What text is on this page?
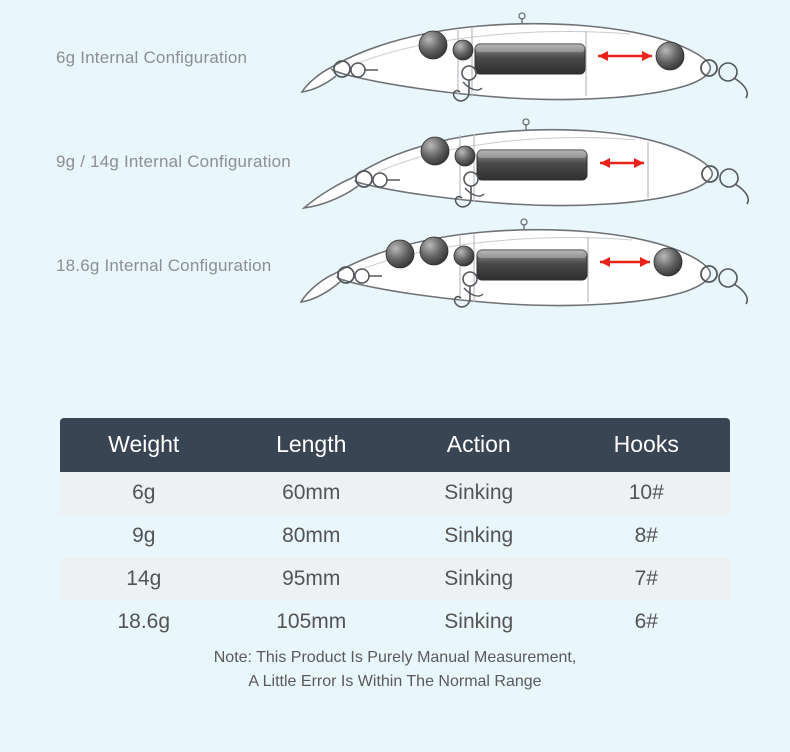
6g Internal Configuration
9g / 14g Internal Configuration
18.6g Internal Configuration
Weight	Length	Action	Hooks
6g	60mm	Sinking	10#
9g	80mm	Sinking	8#
14g	95mm	Sinking	7#
18.6g	105mm	Sinking	6#
Note: This Product Is Purely Manual Measurement,
A Little Error Is Within The Normal Range
